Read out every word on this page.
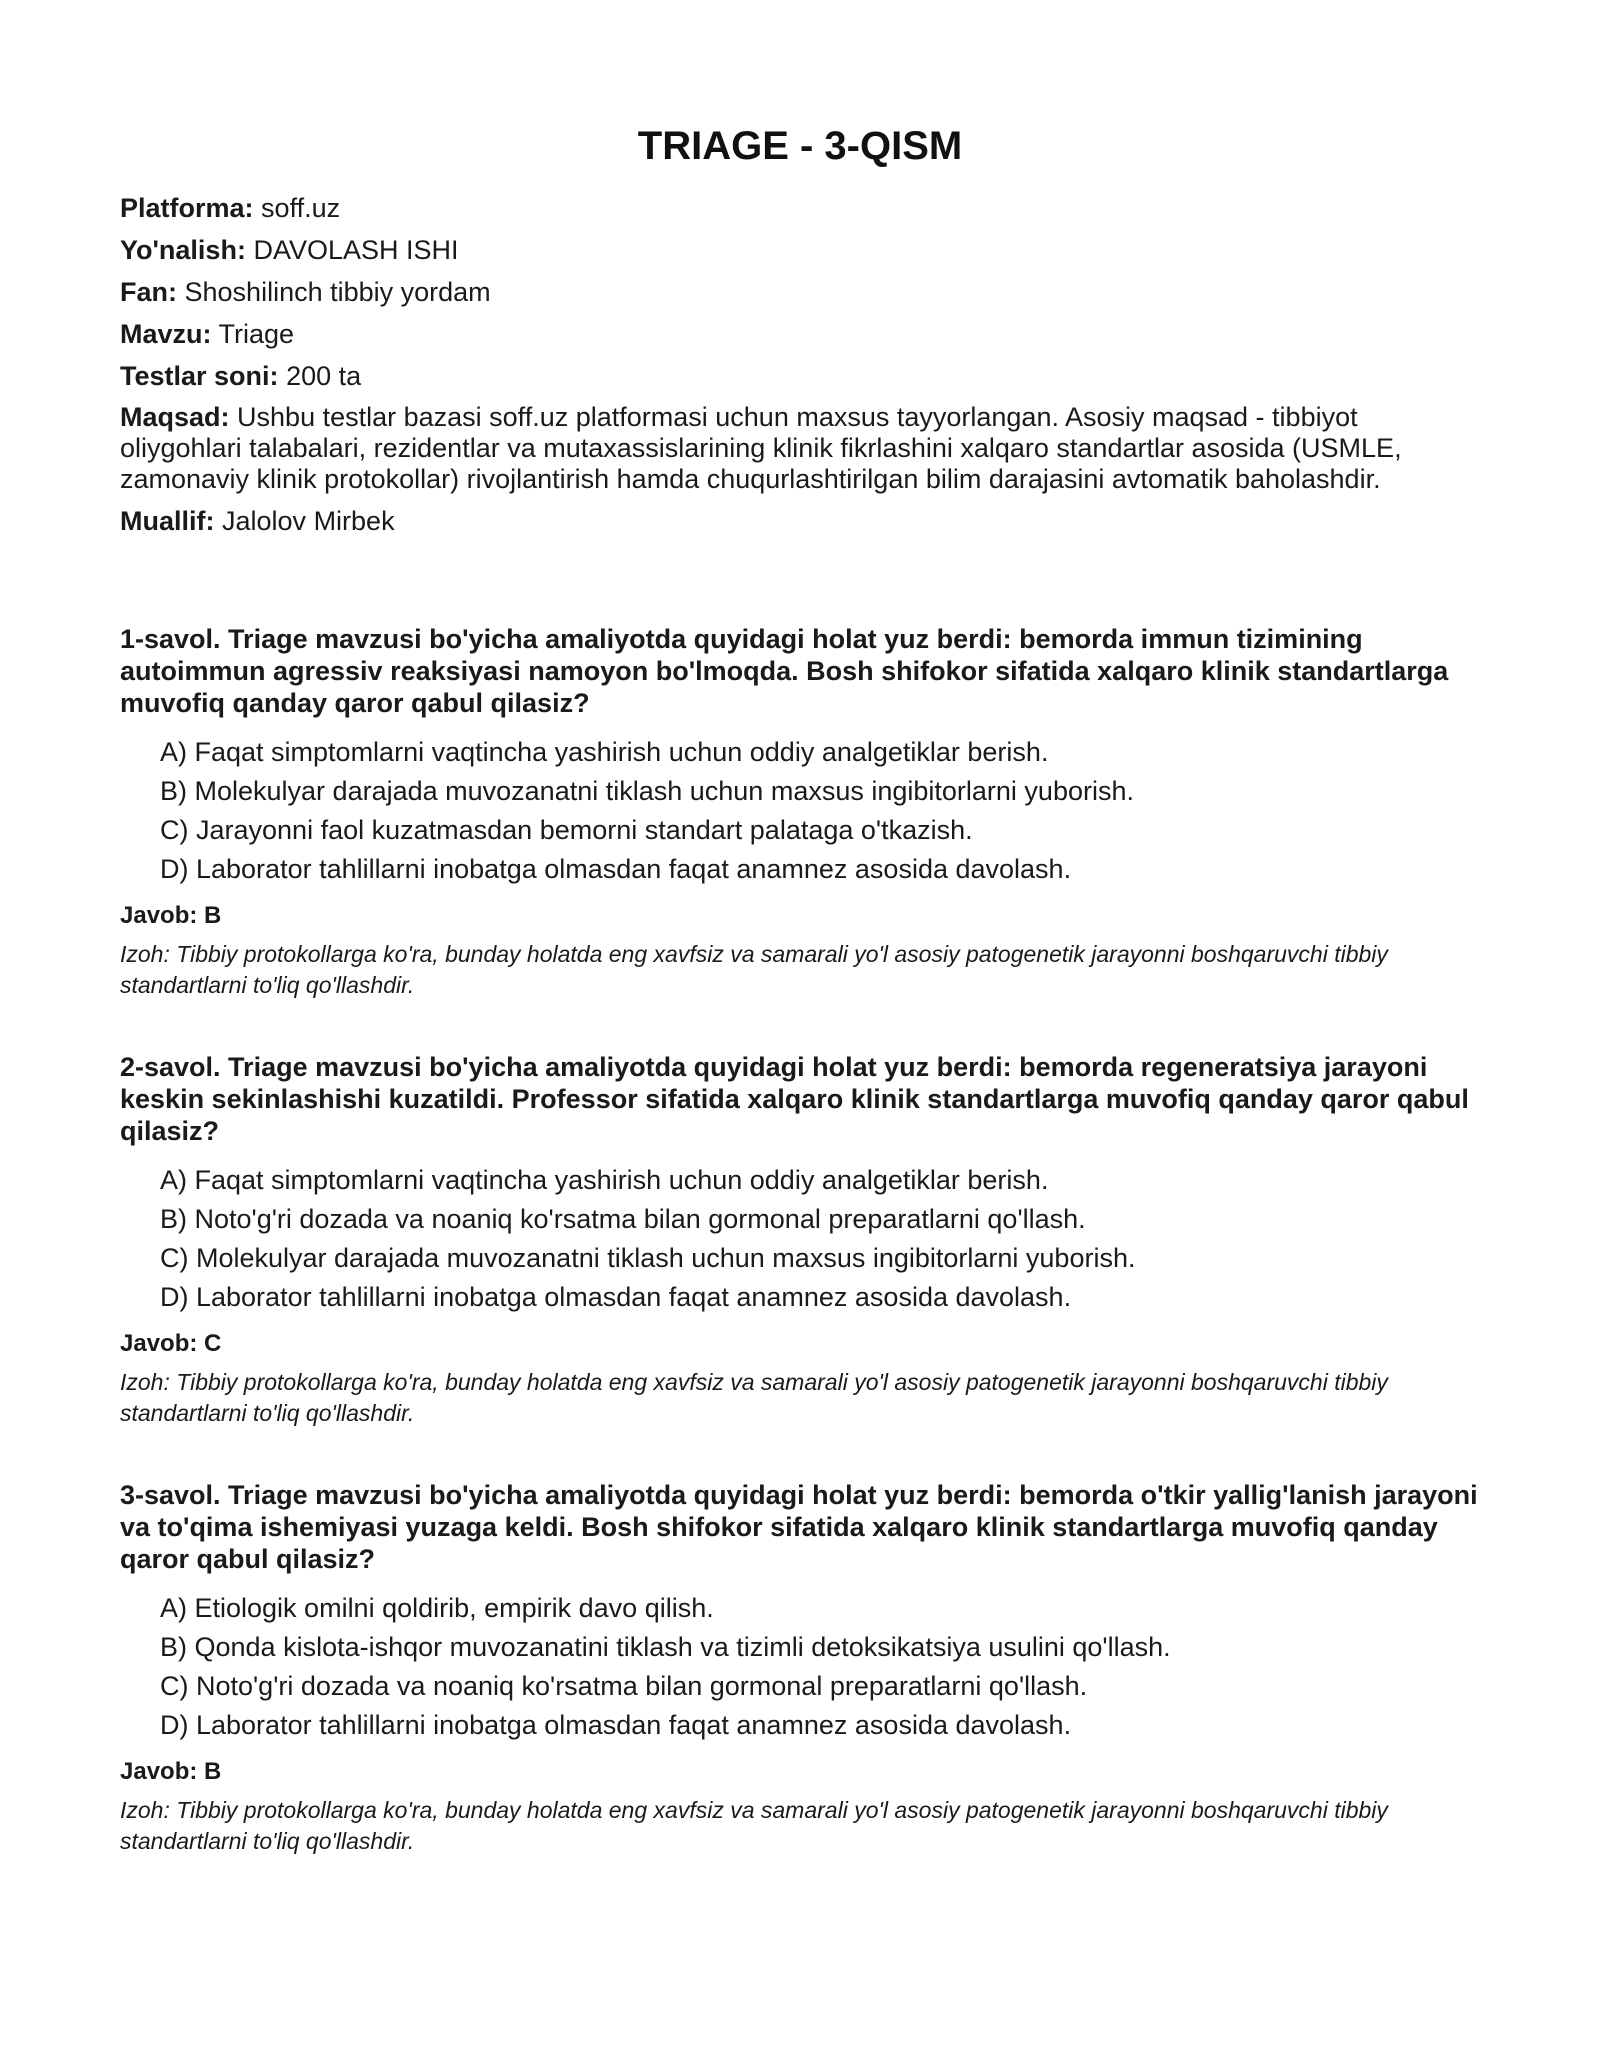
TRIAGE - 3-QISM
Platforma: soff.uz
Yo'nalish: DAVOLASH ISHI
Fan: Shoshilinch tibbiy yordam
Mavzu: Triage
Testlar soni: 200 ta
Maqsad: Ushbu testlar bazasi soff.uz platformasi uchun maxsus tayyorlangan. Asosiy maqsad - tibbiyot oliygohlari talabalari, rezidentlar va mutaxassislarining klinik fikrlashini xalqaro standartlar asosida (USMLE, zamonaviy klinik protokollar) rivojlantirish hamda chuqurlashtirilgan bilim darajasini avtomatik baholashdir.
Muallif: Jalolov Mirbek

1-savol. Triage mavzusi bo'yicha amaliyotda quyidagi holat yuz berdi: bemorda immun tizimining autoimmun agressiv reaksiyasi namoyon bo'lmoqda. Bosh shifokor sifatida xalqaro klinik standartlarga muvofiq qanday qaror qabul qilasiz?

A) Faqat simptomlarni vaqtincha yashirish uchun oddiy analgetiklar berish.
B) Molekulyar darajada muvozanatni tiklash uchun maxsus ingibitorlarni yuborish.
C) Jarayonni faol kuzatmasdan bemorni standart palataga o'tkazish.
D) Laborator tahlillarni inobatga olmasdan faqat anamnez asosida davolash.
Javob: B
Izoh: Tibbiy protokollarga ko'ra, bunday holatda eng xavfsiz va samarali yo'l asosiy patogenetik jarayonni boshqaruvchi tibbiy standartlarni to'liq qo'llashdir.

2-savol. Triage mavzusi bo'yicha amaliyotda quyidagi holat yuz berdi: bemorda regeneratsiya jarayoni keskin sekinlashishi kuzatildi. Professor sifatida xalqaro klinik standartlarga muvofiq qanday qaror qabul qilasiz?

A) Faqat simptomlarni vaqtincha yashirish uchun oddiy analgetiklar berish.
B) Noto'g'ri dozada va noaniq ko'rsatma bilan gormonal preparatlarni qo'llash.
C) Molekulyar darajada muvozanatni tiklash uchun maxsus ingibitorlarni yuborish.
D) Laborator tahlillarni inobatga olmasdan faqat anamnez asosida davolash.
Javob: C
Izoh: Tibbiy protokollarga ko'ra, bunday holatda eng xavfsiz va samarali yo'l asosiy patogenetik jarayonni boshqaruvchi tibbiy standartlarni to'liq qo'llashdir.

3-savol. Triage mavzusi bo'yicha amaliyotda quyidagi holat yuz berdi: bemorda o'tkir yallig'lanish jarayoni va to'qima ishemiyasi yuzaga keldi. Bosh shifokor sifatida xalqaro klinik standartlarga muvofiq qanday qaror qabul qilasiz?

A) Etiologik omilni qoldirib, empirik davo qilish.
B) Qonda kislota-ishqor muvozanatini tiklash va tizimli detoksikatsiya usulini qo'llash.
C) Noto'g'ri dozada va noaniq ko'rsatma bilan gormonal preparatlarni qo'llash.
D) Laborator tahlillarni inobatga olmasdan faqat anamnez asosida davolash.
Javob: B
Izoh: Tibbiy protokollarga ko'ra, bunday holatda eng xavfsiz va samarali yo'l asosiy patogenetik jarayonni boshqaruvchi tibbiy standartlarni to'liq qo'llashdir.
